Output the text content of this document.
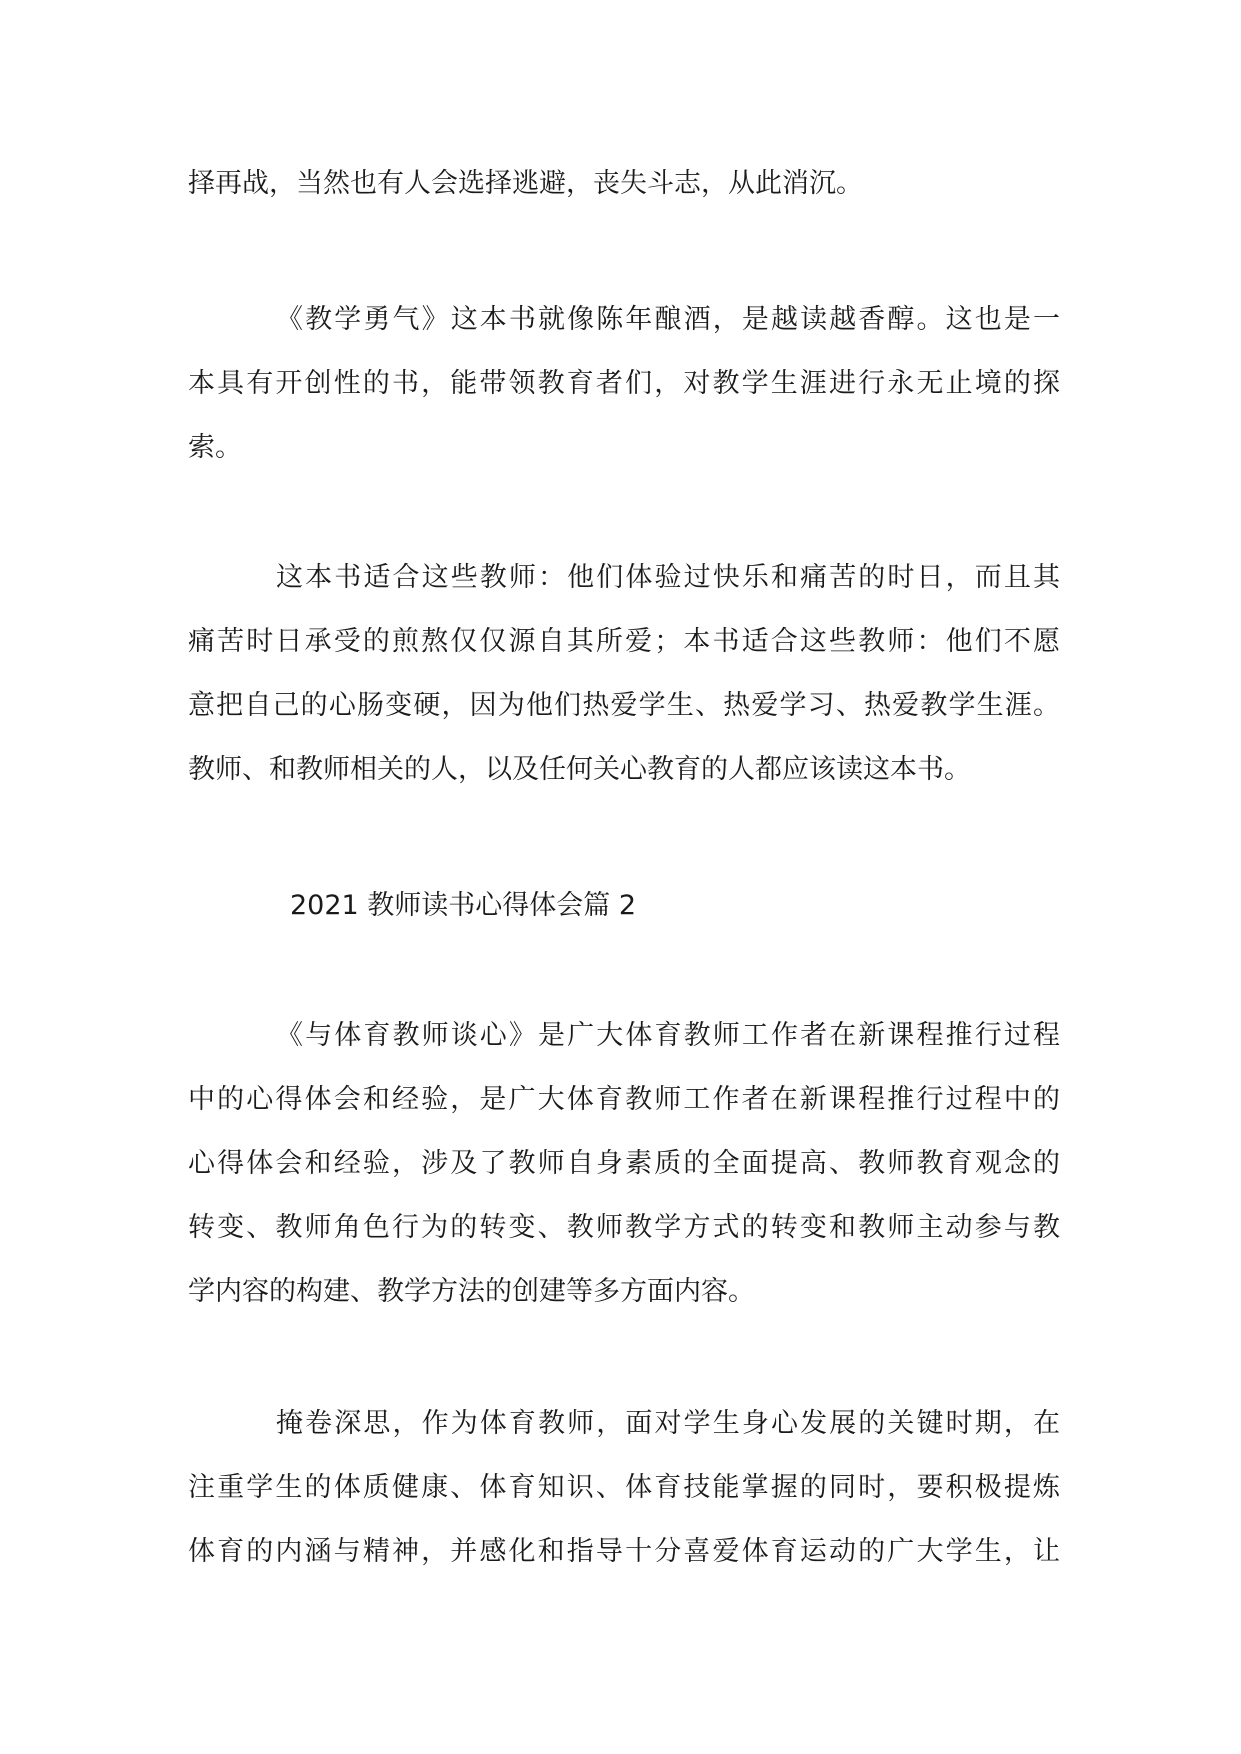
择再战，当然也有人会选择逃避，丧失斗志，从此消沉。

《教学勇气》这本书就像陈年酿酒，是越读越香醇。这也是一

本具有开创性的书，能带领教育者们，对教学生涯进行永无止境的探

索。

这本书适合这些教师：他们体验过快乐和痛苦的时日，而且其

痛苦时日承受的煎熬仅仅源自其所爱；本书适合这些教师：他们不愿

意把自己的心肠变硬，因为他们热爱学生、热爱学习、热爱教学生涯。

教师、和教师相关的人，以及任何关心教育的人都应该读这本书。

2021 教师读书心得体会篇 2

《与体育教师谈心》是广大体育教师工作者在新课程推行过程

中的心得体会和经验，是广大体育教师工作者在新课程推行过程中的

心得体会和经验，涉及了教师自身素质的全面提高、教师教育观念的

转变、教师角色行为的转变、教师教学方式的转变和教师主动参与教

学内容的构建、教学方法的创建等多方面内容。

掩卷深思，作为体育教师，面对学生身心发展的关键时期，在

注重学生的体质健康、体育知识、体育技能掌握的同时，要积极提炼

体育的内涵与精神，并感化和指导十分喜爱体育运动的广大学生，让
